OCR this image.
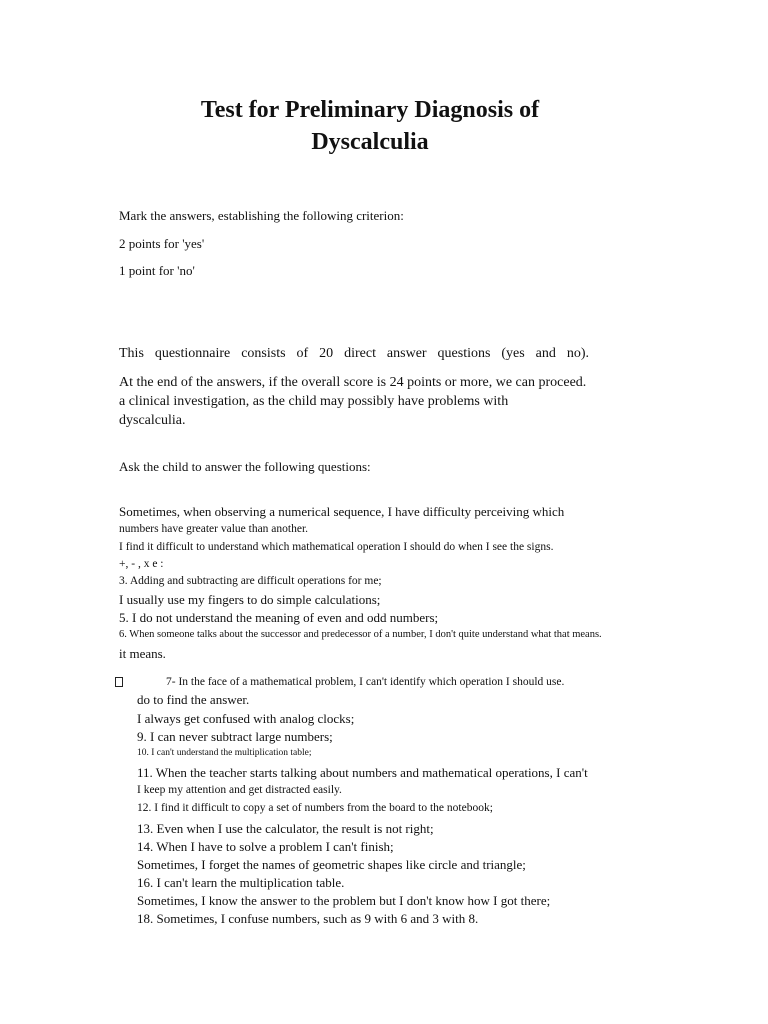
Test for Preliminary Diagnosis of
Dyscalculia

Mark the answers, establishing the following criterion:

2 points for 'yes'

1 point for 'no'

This questionnaire consists of 20 direct answer questions (yes and no).

At the end of the answers, if the overall score is 24 points or more, we can proceed.

a clinical investigation, as the child may possibly have problems with

dyscalculia.

Ask the child to answer the following questions:

Sometimes, when observing a numerical sequence, I have difficulty perceiving which

numbers have greater value than another.

I find it difficult to understand which mathematical operation I should do when I see the signs.

+, - , x e :

3. Adding and subtracting are difficult operations for me;

I usually use my fingers to do simple calculations;

5. I do not understand the meaning of even and odd numbers;

6. When someone talks about the successor and predecessor of a number, I don't quite understand what that means.

it means.

7- In the face of a mathematical problem, I can't identify which operation I should use.

do to find the answer.

I always get confused with analog clocks;

9. I can never subtract large numbers;

10. I can't understand the multiplication table;

11. When the teacher starts talking about numbers and mathematical operations, I can't

I keep my attention and get distracted easily.

12. I find it difficult to copy a set of numbers from the board to the notebook;

13. Even when I use the calculator, the result is not right;

14. When I have to solve a problem I can't finish;

Sometimes, I forget the names of geometric shapes like circle and triangle;

16. I can't learn the multiplication table.

Sometimes, I know the answer to the problem but I don't know how I got there;

18. Sometimes, I confuse numbers, such as 9 with 6 and 3 with 8.
